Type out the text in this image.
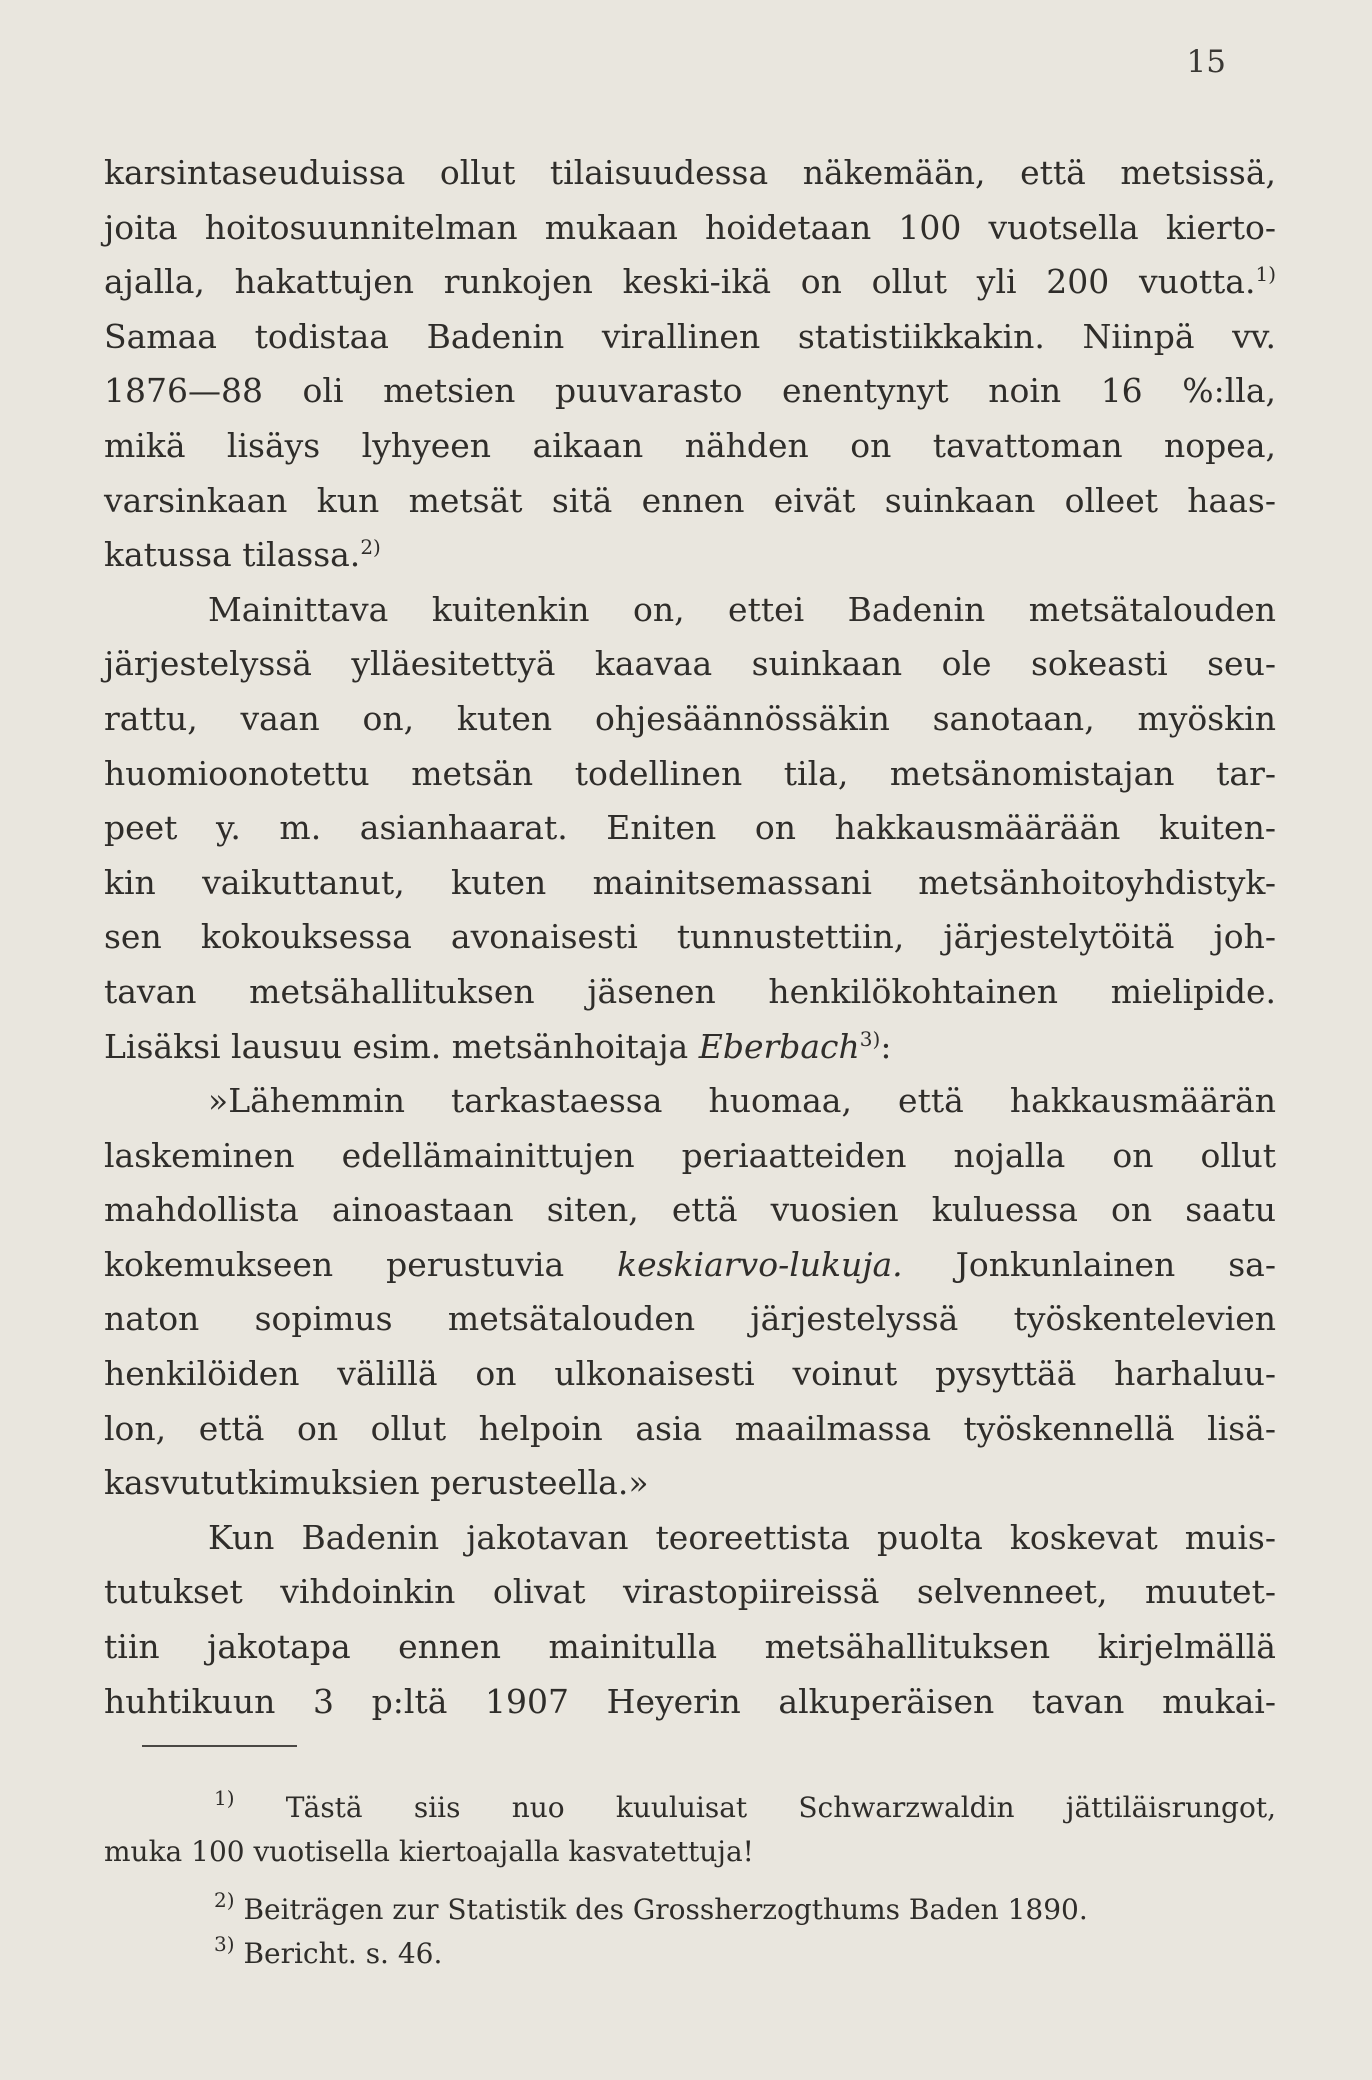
15
karsintaseuduissa ollut tilaisuudessa näkemään, että metsissä,
joita hoitosuunnitelman mukaan hoidetaan 100 vuotsella kierto-
ajalla, hakattujen runkojen keski-ikä on ollut yli 200 vuotta.$^{1)}$
Samaa todistaa Badenin virallinen statistiikkakin. Niinpä vv.
1876—88 oli metsien puuvarasto enentynyt noin 16 %:lla,
mikä lisäys lyhyeen aikaan nähden on tavattoman nopea,
varsinkaan kun metsät sitä ennen eivät suinkaan olleet haas-
katussa tilassa.$^{2)}$
Mainittava kuitenkin on, ettei Badenin metsätalouden
järjestelyssä ylläesitettyä kaavaa suinkaan ole sokeasti seu-
rattu, vaan on, kuten ohjesäännössäkin sanotaan, myöskin
huomioonotettu metsän todellinen tila, metsänomistajan tar-
peet y. m. asianhaarat. Eniten on hakkausmäärään kuiten-
kin vaikuttanut, kuten mainitsemassani metsänhoitoyhdistyk-
sen kokouksessa avonaisesti tunnustettiin, järjestelytöitä joh-
tavan metsähallituksen jäsenen henkilökohtainen mielipide.
Lisäksi lausuu esim. metsänhoitaja Eberbach$^{3)}$:
»Lähemmin tarkastaessa huomaa, että hakkausmäärän
laskeminen edellämainittujen periaatteiden nojalla on ollut
mahdollista ainoastaan siten, että vuosien kuluessa on saatu
kokemukseen perustuvia keskiarvo-lukuja. Jonkunlainen sa-
naton sopimus metsätalouden järjestelyssä työskentelevien
henkilöiden välillä on ulkonaisesti voinut pysyttää harhaluu-
lon, että on ollut helpoin asia maailmassa työskennellä lisä-
kasvututkimuksien perusteella.»
Kun Badenin jakotavan teoreettista puolta koskevat muis-
tutukset vihdoinkin olivat virastopiireissä selvenneet, muutet-
tiin jakotapa ennen mainitulla metsähallituksen kirjelmällä
huhtikuun 3 p:ltä 1907 Heyerin alkuperäisen tavan mukai-
$^{1)}$ Tästä siis nuo kuuluisat Schwarzwaldin jättiläisrungot,
muka 100 vuotisella kiertoajalla kasvatettuja!
$^{2)}$ Beiträgen zur Statistik des Grossherzogthums Baden 1890.
$^{3)}$ Bericht. s. 46.
